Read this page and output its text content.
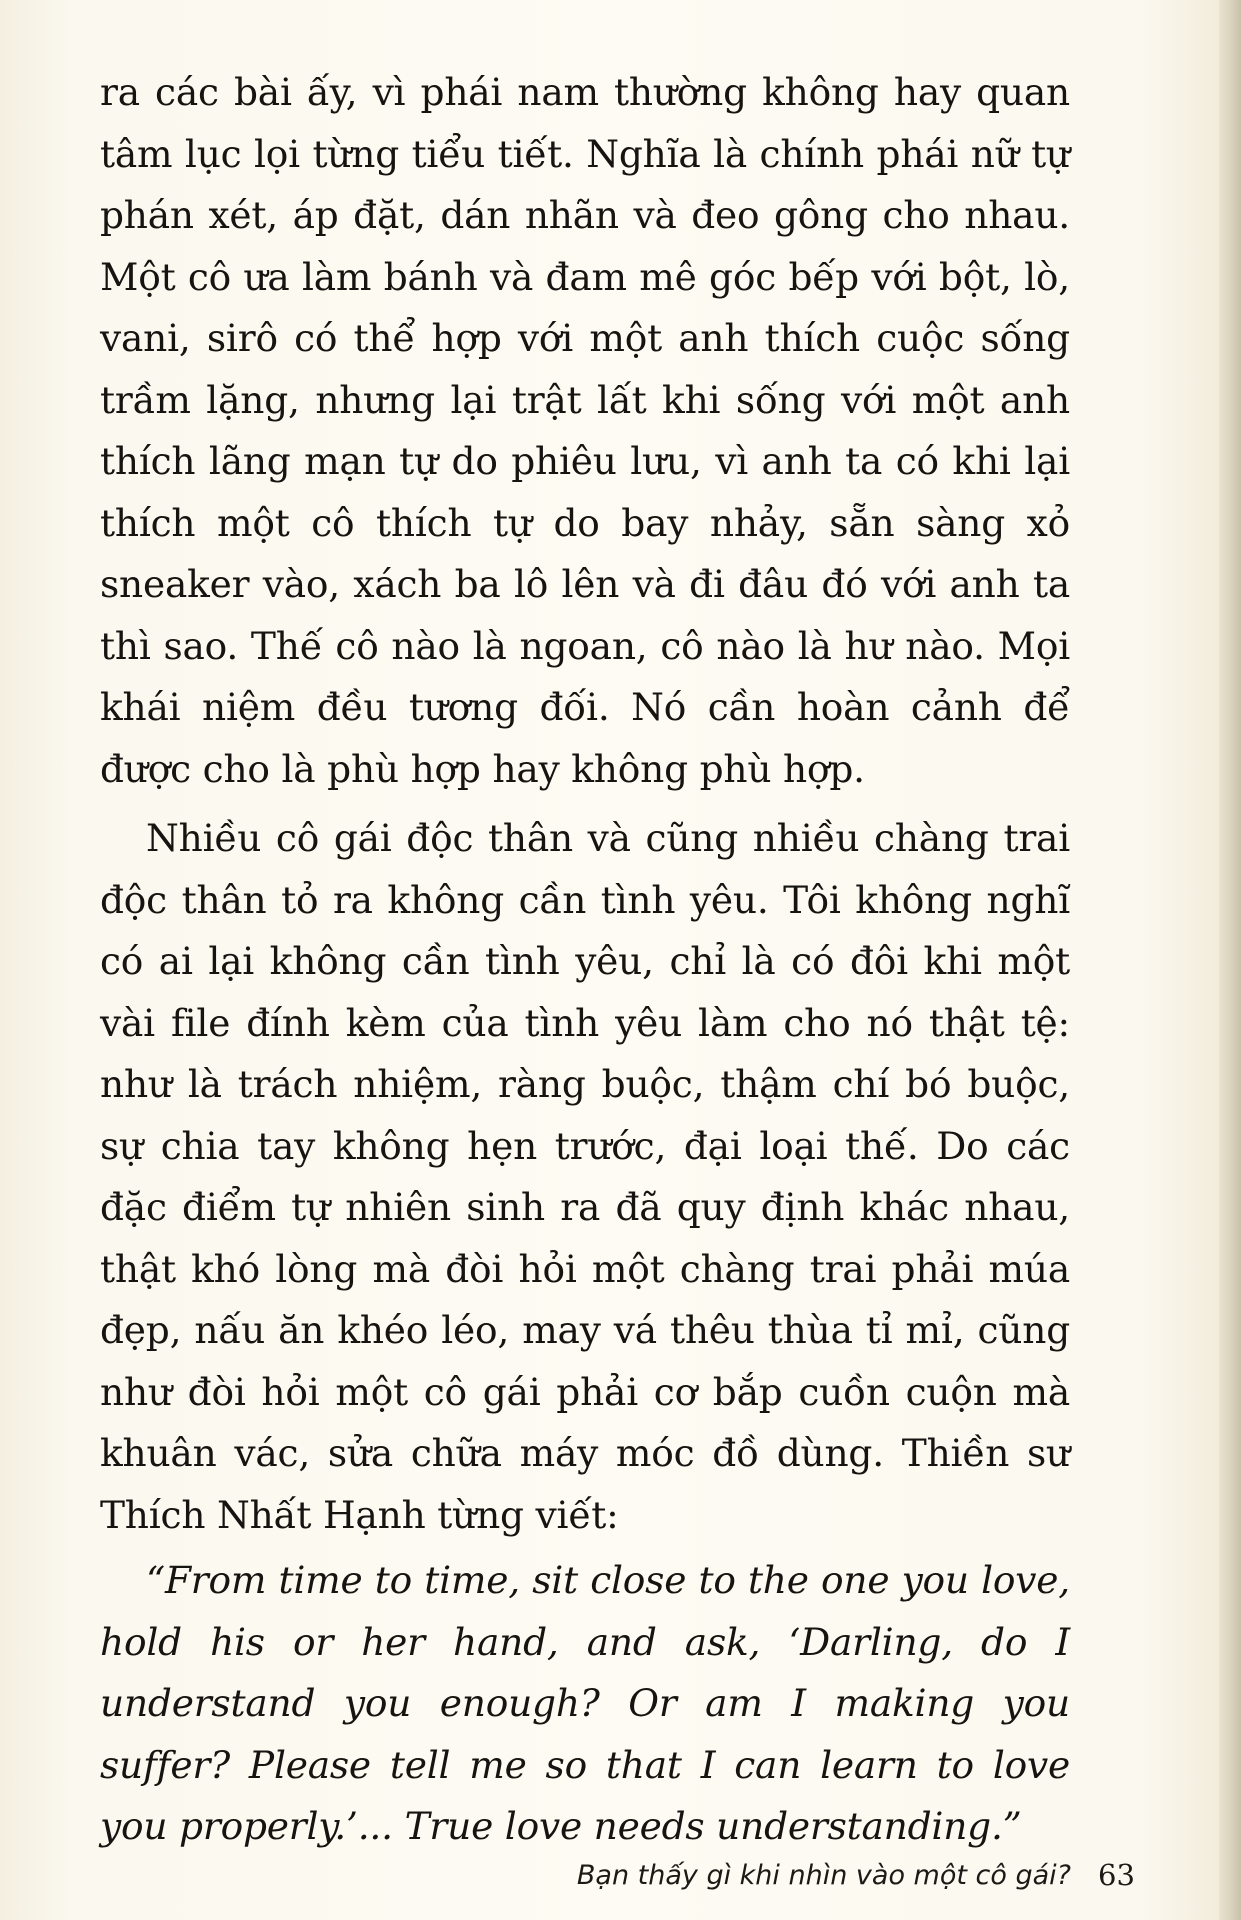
ra các bài ấy, vì phái nam thường không hay quan tâm lục lọi từng tiểu tiết. Nghĩa là chính phái nữ tự phán xét, áp đặt, dán nhãn và đeo gông cho nhau. Một cô ưa làm bánh và đam mê góc bếp với bột, lò, vani, sirô có thể hợp với một anh thích cuộc sống trầm lặng, nhưng lại trật lất khi sống với một anh thích lãng mạn tự do phiêu lưu, vì anh ta có khi lại thích một cô thích tự do bay nhảy, sẵn sàng xỏ sneaker vào, xách ba lô lên và đi đâu đó với anh ta thì sao. Thế cô nào là ngoan, cô nào là hư nào. Mọi khái niệm đều tương đối. Nó cần hoàn cảnh để được cho là phù hợp hay không phù hợp.

Nhiều cô gái độc thân và cũng nhiều chàng trai độc thân tỏ ra không cần tình yêu. Tôi không nghĩ có ai lại không cần tình yêu, chỉ là có đôi khi một vài file đính kèm của tình yêu làm cho nó thật tệ: như là trách nhiệm, ràng buộc, thậm chí bó buộc, sự chia tay không hẹn trước, đại loại thế. Do các đặc điểm tự nhiên sinh ra đã quy định khác nhau, thật khó lòng mà đòi hỏi một chàng trai phải múa đẹp, nấu ăn khéo léo, may vá thêu thùa tỉ mỉ, cũng như đòi hỏi một cô gái phải cơ bắp cuồn cuộn mà khuân vác, sửa chữa máy móc đồ dùng. Thiền sư Thích Nhất Hạnh từng viết:

“From time to time, sit close to the one you love, hold his or her hand, and ask, ‘Darling, do I understand you enough? Or am I making you suffer? Please tell me so that I can learn to love you properly.’... True love needs understanding.”

Bạn thấy gì khi nhìn vào một cô gái? 63
